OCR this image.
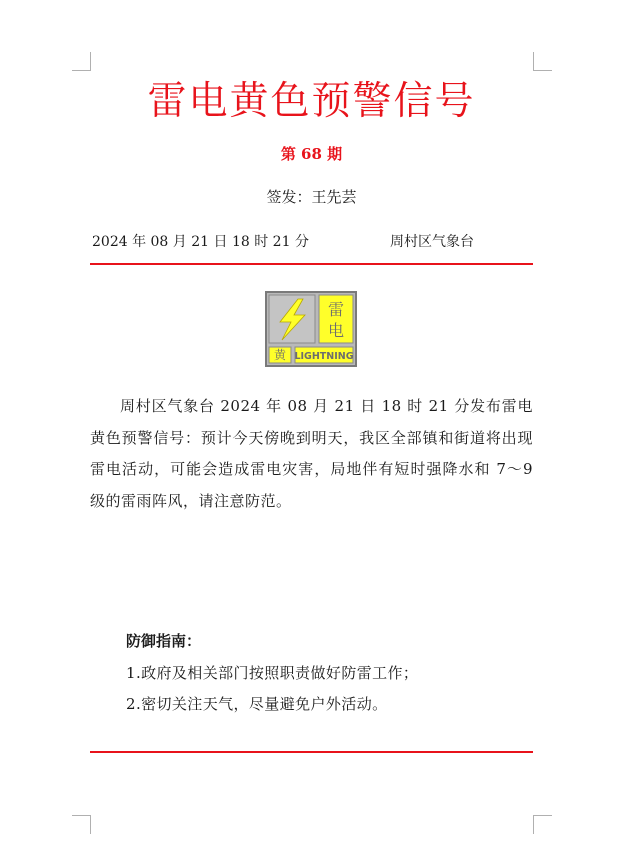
雷电黄色预警信号
第 68 期
签发：王先芸
2024 年 08 月 21 日 18 时 21 分	周村区气象台
雷
电
黄 LIGHTNING
周村区气象台 2024 年 08 月 21 日 18 时 21 分发布雷电黄色预警信号：预计今天傍晚到明天，我区全部镇和街道将出现雷电活动，可能会造成雷电灾害，局地伴有短时强降水和 7～9 级的雷雨阵风，请注意防范。
防御指南：
1.政府及相关部门按照职责做好防雷工作；
2.密切关注天气，尽量避免户外活动。
